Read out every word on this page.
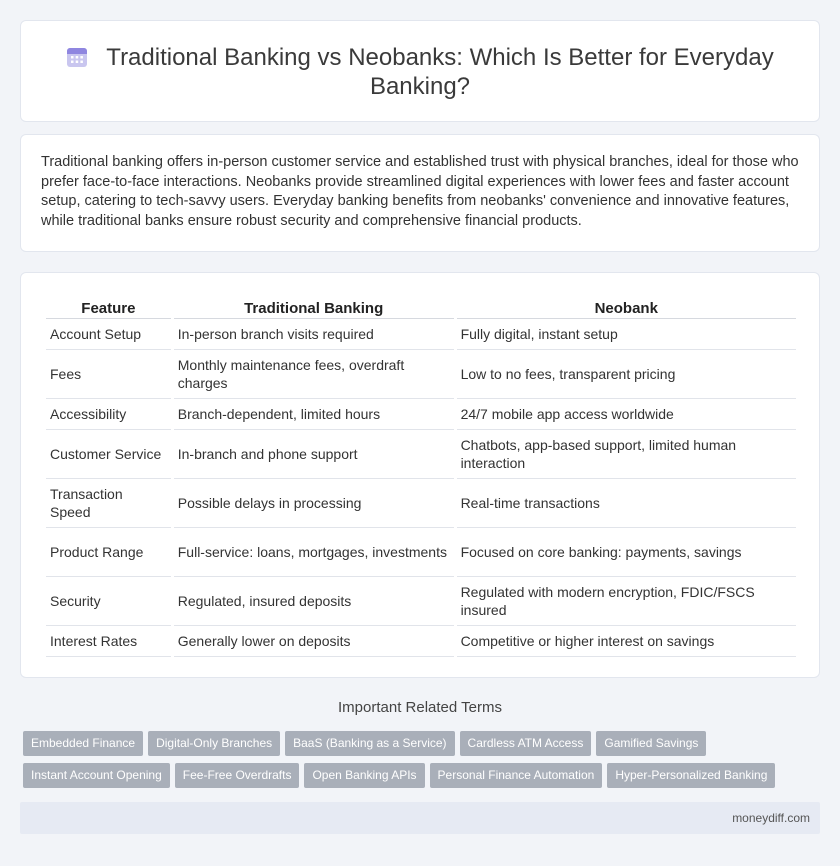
Traditional Banking vs Neobanks: Which Is Better for Everyday Banking?

Traditional banking offers in-person customer service and established trust with physical branches, ideal for those who prefer face-to-face interactions. Neobanks provide streamlined digital experiences with lower fees and faster account setup, catering to tech-savvy users. Everyday banking benefits from neobanks' convenience and innovative features, while traditional banks ensure robust security and comprehensive financial products.

Feature	Traditional Banking	Neobank
Account Setup	In-person branch visits required	Fully digital, instant setup
Fees	Monthly maintenance fees, overdraft charges	Low to no fees, transparent pricing
Accessibility	Branch-dependent, limited hours	24/7 mobile app access worldwide
Customer Service	In-branch and phone support	Chatbots, app-based support, limited human interaction
Transaction Speed	Possible delays in processing	Real-time transactions
Product Range	Full-service: loans, mortgages, investments	Focused on core banking: payments, savings
Security	Regulated, insured deposits	Regulated with modern encryption, FDIC/FSCS insured
Interest Rates	Generally lower on deposits	Competitive or higher interest on savings
Important Related Terms
Embedded Finance Digital-Only Branches BaaS (Banking as a Service) Cardless ATM Access Gamified Savings
Instant Account Opening Fee-Free Overdrafts Open Banking APIs Personal Finance Automation Hyper-Personalized Banking
moneydiff.com
